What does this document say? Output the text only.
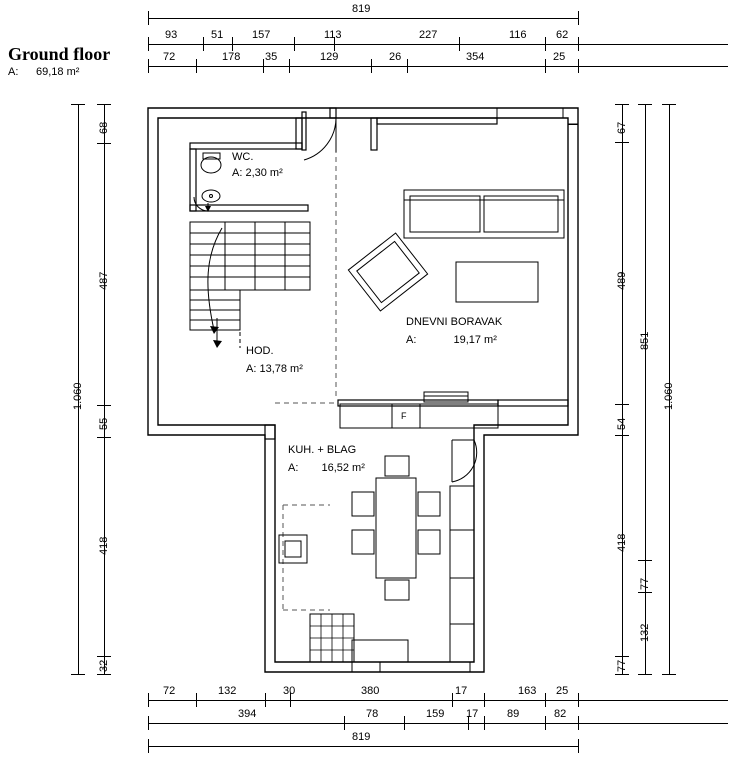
Ground floor
A: 69,18 m²
819
93	51	157	113	227	116	62
72	178 35	129	26	354	25
68
487
55
418
32
1.060
67
489
54
418
77
851
77
132
1.060
72	132	30	380	17	163 25
394	78	159 17	89	82
819
WC.
A: 2,30 m²
HOD.
A: 13,78 m²
DNEVNI BORAVAK
A:	19,17 m²
KUH. + BLAG
A: 16,52 m²
F
